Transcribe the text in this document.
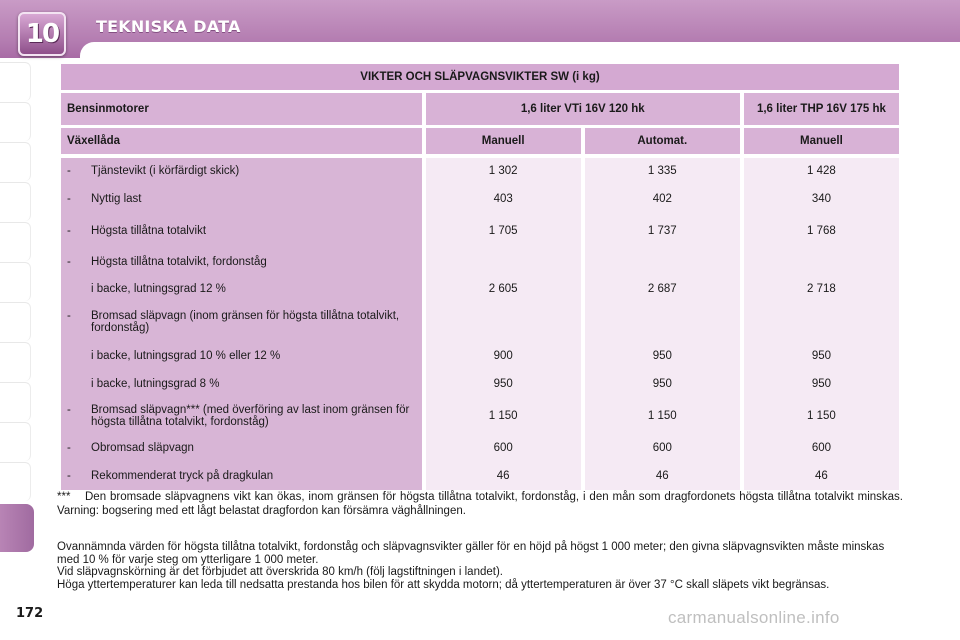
10	TEKNISKA DATA
172
VIKTER OCH SLÄPVAGNSVIKTER SW (i kg)			

Bensinmotorer	1,6 liter VTi 16V 120 hk		1,6 liter THP 16V 175 hk

Växellåda	Manuell	Automat.	Manuell

- Tjänstevikt (i körfärdigt skick)	1 302	1 335	1 428

- Nyttig last	403	402	340

- Högsta tillåtna totalvikt	1 705	1 737	1 768

- Högsta tillåtna totalvikt, fordonståg			

i backe, lutningsgrad 12 %	2 605	2 687	2 718

- Bromsad släpvagn (inom gränsen för högsta tillåtna totalvikt, fordonståg)			

i backe, lutningsgrad 10 % eller 12 %	900	950	950

i backe, lutningsgrad 8 %	950	950	950

- Bromsad släpvagn*** (med överföring av last inom gränsen för högsta tillåtna totalvikt, fordonståg)	1 150	1 150	1 150

- Obromsad släpvagn	600	600	600

- Rekommenderat tryck på dragkulan	46	46	46
***	Den bromsade släpvagnens vikt kan ökas, inom gränsen för högsta tillåtna totalvikt, fordonståg, i den mån som dragfordonets högsta tillåtna totalvikt minskas. Varning: bogsering med ett lågt belastat dragfordon kan försämra väghållningen.

Ovannämnda värden för högsta tillåtna totalvikt, fordonståg och släpvagnsvikter gäller för en höjd på högst 1 000 meter; den givna släpvagnsvikten måste minskas med 10 % för varje steg om ytterligare 1 000 meter.

Vid släpvagnskörning är det förbjudet att överskrida 80 km/h (följ lagstiftningen i landet).

Höga yttertemperaturer kan leda till nedsatta prestanda hos bilen för att skydda motorn; då yttertemperaturen är över 37 °C skall släpets vikt begränsas.

carmanualsonline.info
